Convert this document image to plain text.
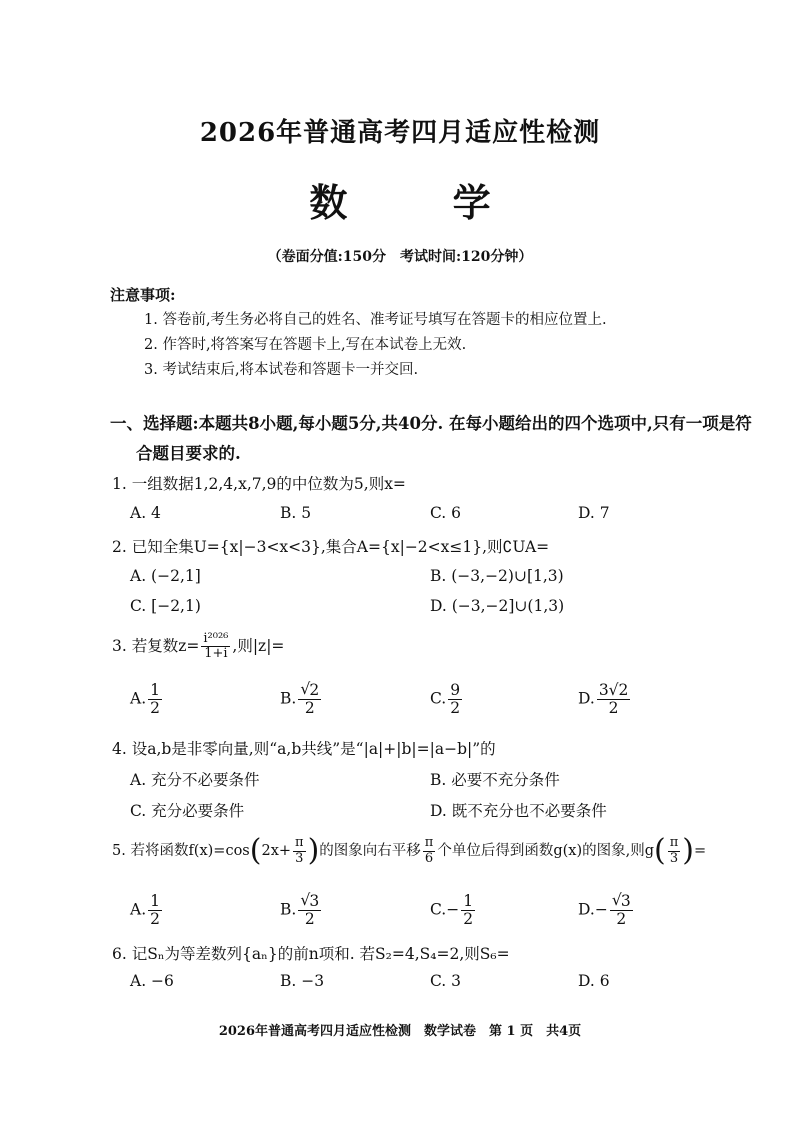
2026年普通高考四月适应性检测
数 学
（卷面分值:150分　考试时间:120分钟）
注意事项:
1. 答卷前,考生务必将自己的姓名、准考证号填写在答题卡的相应位置上.
2. 作答时,将答案写在答题卡上,写在本试卷上无效.
3. 考试结束后,将本试卷和答题卡一并交回.
一、选择题:本题共8小题,每小题5分,共40分. 在每小题给出的四个选项中,只有一项是符
合题目要求的.
1. 一组数据1,2,4,x,7,9的中位数为5,则x=
A. 4	B. 5	C. 6	D. 7
2. 已知全集U={x|−3<x<3},集合A={x|−2<x≤1},则∁UA=
A. (−2,1]	B. (−3,−2)∪[1,3)
C. [−2,1)	D. (−3,−2]∪(1,3)
3. 若复数$z= \frac{\text{i²⁰²⁶}}{1+i}$ ,则|z|=
A. $\frac{1}{2}$	B. √ $\frac{2}{2}$	C. $\frac{9}{2}$	D. $\frac{3√2}{2}$
4. 设a,b是非零向量,则“a,b共线”是“|a|+|b|=|a−b|”的
A. 充分不必要条件	B. 必要不充分条件
C. 充分必要条件	D. 既不充分也不必要条件
5. 若将函数$f(x)=\cos(2x+ \frac{\pi}{3}$ )的图象向右平移 $\frac{\pi}{6}$ 个单位后得到函数g(x)的图象,则$g( \frac{\pi}{3}$ )=
A. $\frac{1}{2}$	B. √ $\frac{3}{2}$	$C.- \frac{1}{2}$	D.− √ $\frac{3}{2}$
6. 记Sₙ为等差数列{aₙ}的前n项和. 若S₂=4,S₄=2,则S₆=
A. −6	B. −3	C. 3	D. 6
2026年普通高考四月适应性检测　数学试卷　第 1 页　共4页
